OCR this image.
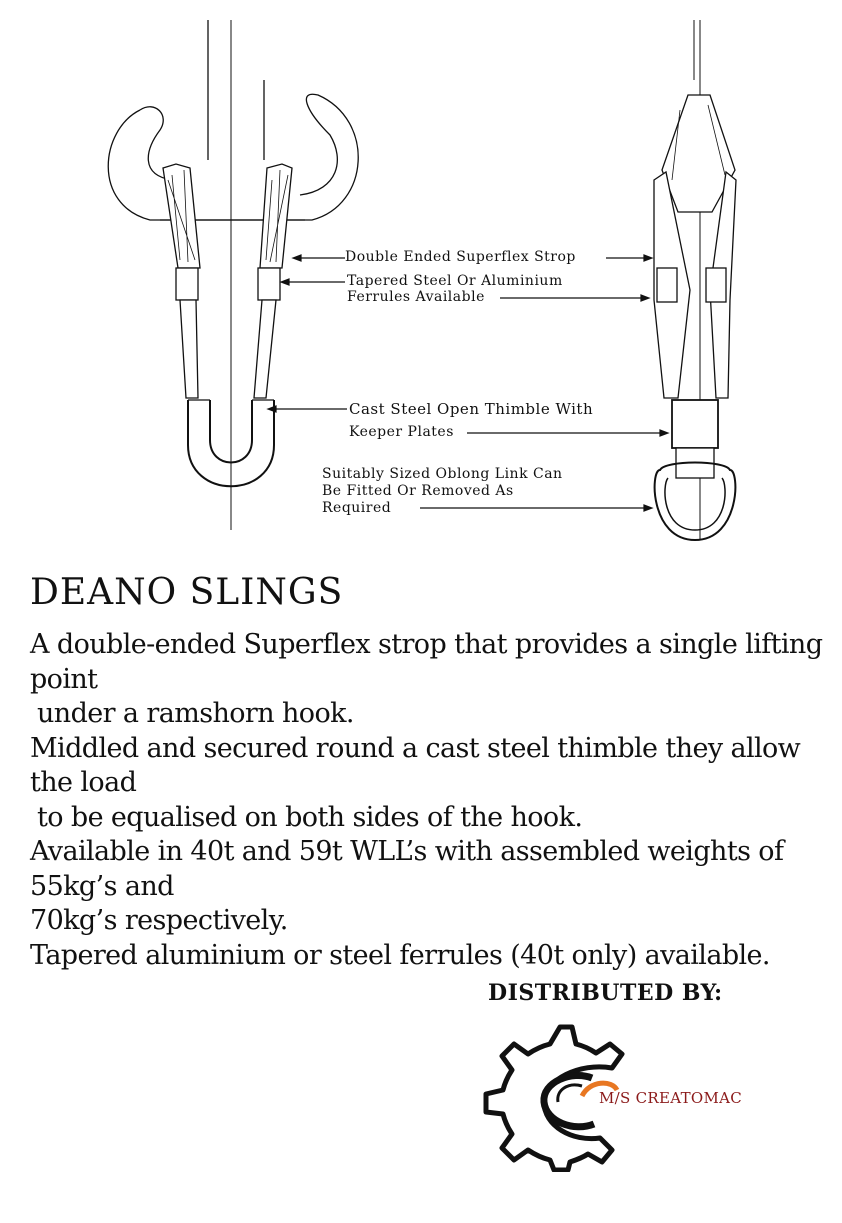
Double Ended Superflex Strop
Tapered Steel Or Aluminium
Ferrules Available
Cast Steel Open Thimble With
Keeper Plates
Suitably Sized Oblong Link Can
Be Fitted Or Removed As
Required
DEANO SLINGS

A double-ended Superflex strop that provides a single lifting point

under a ramshorn hook.

Middled and secured round a cast steel thimble they allow the load

to be equalised on both sides of the hook.

Available in 40t and 59t WLL’s with assembled weights of 55kg’s and

70kg’s respectively.

Tapered aluminium or steel ferrules (40t only) available.

DISTRIBUTED BY:
M/S CREATOMAC
